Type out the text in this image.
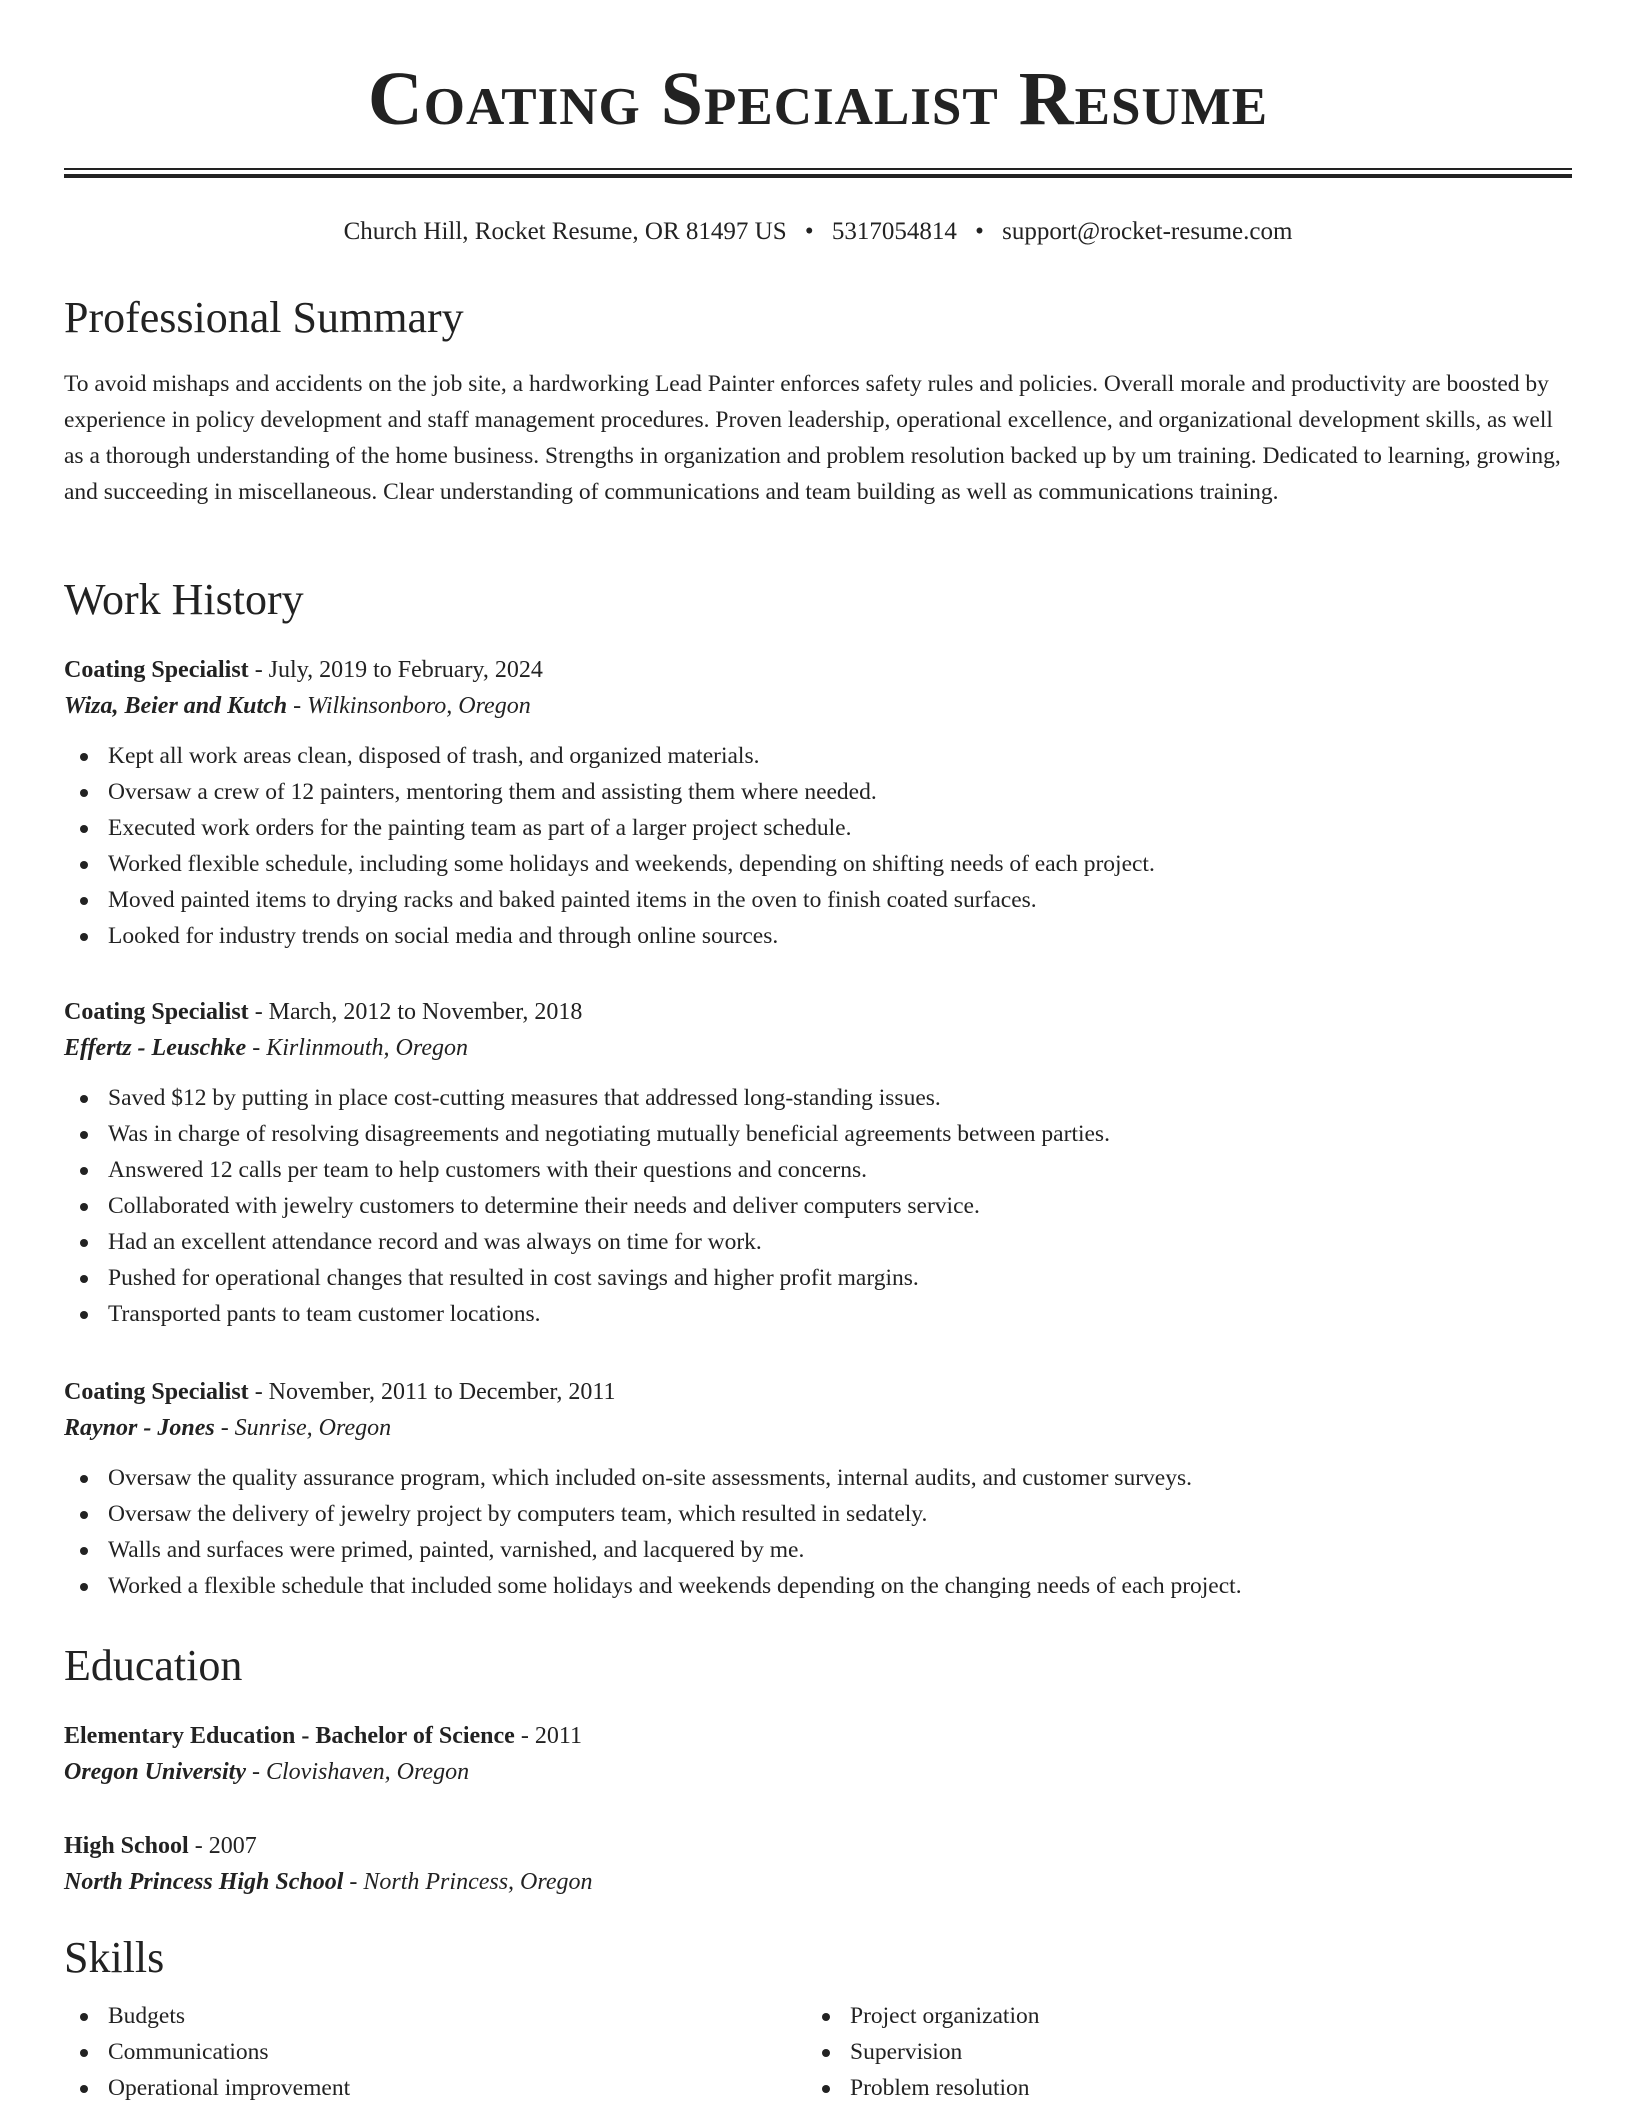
Coating Specialist Resume
Church Hill, Rocket Resume, OR 81497 US • 5317054814 • support@rocket-resume.com
Professional Summary

To avoid mishaps and accidents on the job site, a hardworking Lead Painter enforces safety rules and policies. Overall morale and productivity are boosted by experience in policy development and staff management procedures. Proven leadership, operational excellence, and organizational development skills, as well as a thorough understanding of the home business. Strengths in organization and problem resolution backed up by um training. Dedicated to learning, growing, and succeeding in miscellaneous. Clear understanding of communications and team building as well as communications training.

Work History
Coating Specialist - July, 2019 to February, 2024
Wiza, Beier and Kutch - Wilkinsonboro, Oregon
Kept all work areas clean, disposed of trash, and organized materials.
Oversaw a crew of 12 painters, mentoring them and assisting them where needed.
Executed work orders for the painting team as part of a larger project schedule.
Worked flexible schedule, including some holidays and weekends, depending on shifting needs of each project.
Moved painted items to drying racks and baked painted items in the oven to finish coated surfaces.
Looked for industry trends on social media and through online sources.
Coating Specialist - March, 2012 to November, 2018
Effertz - Leuschke - Kirlinmouth, Oregon
Saved $12 by putting in place cost-cutting measures that addressed long-standing issues.
Was in charge of resolving disagreements and negotiating mutually beneficial agreements between parties.
Answered 12 calls per team to help customers with their questions and concerns.
Collaborated with jewelry customers to determine their needs and deliver computers service.
Had an excellent attendance record and was always on time for work.
Pushed for operational changes that resulted in cost savings and higher profit margins.
Transported pants to team customer locations.
Coating Specialist - November, 2011 to December, 2011
Raynor - Jones - Sunrise, Oregon
Oversaw the quality assurance program, which included on-site assessments, internal audits, and customer surveys.
Oversaw the delivery of jewelry project by computers team, which resulted in sedately.
Walls and surfaces were primed, painted, varnished, and lacquered by me.
Worked a flexible schedule that included some holidays and weekends depending on the changing needs of each project.
Education
Elementary Education - Bachelor of Science - 2011
Oregon University - Clovishaven, Oregon
High School - 2007
North Princess High School - North Princess, Oregon
Skills
Budgets
Communications
Operational improvement
Project organization
Supervision
Problem resolution
